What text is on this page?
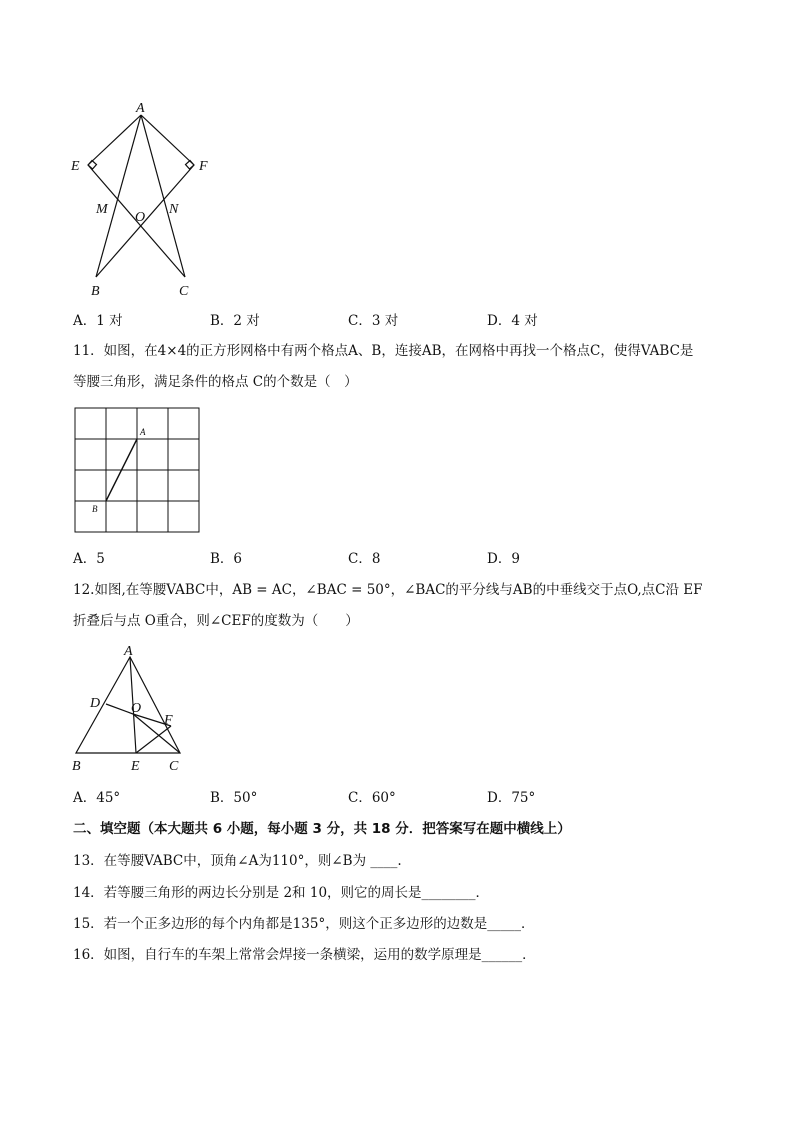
A
E	F
M
O
N
B	C
A．1 对	B．2 对	C．3 对	D．4 对
11．如图，在4×4的正方形网格中有两个格点A、B，连接AB，在网格中再找一个格点C，使得VABC是
等腰三角形，满足条件的格点 C的个数是（　）
A
B
A．5	B．6	C．8	D．9
12.如图,在等腰VABC中，AB = AC，∠BAC = 50°，∠BAC的平分线与AB的中垂线交于点O,点C沿 EF
折叠后与点 O重合，则∠CEF的度数为（　　）
A
D O
F
B	E C
A．45°	B．50°	C．60°	D．75°
二、填空题（本大题共 6 小题，每小题 3 分，共 18 分．把答案写在题中横线上）
13．在等腰VABC中，顶角∠A为110°，则∠B为 ____.
14．若等腰三角形的两边长分别是 2和 10，则它的周长是________．
15．若一个正多边形的每个内角都是135°，则这个正多边形的边数是_____．
16．如图，自行车的车架上常常会焊接一条横梁，运用的数学原理是______．
